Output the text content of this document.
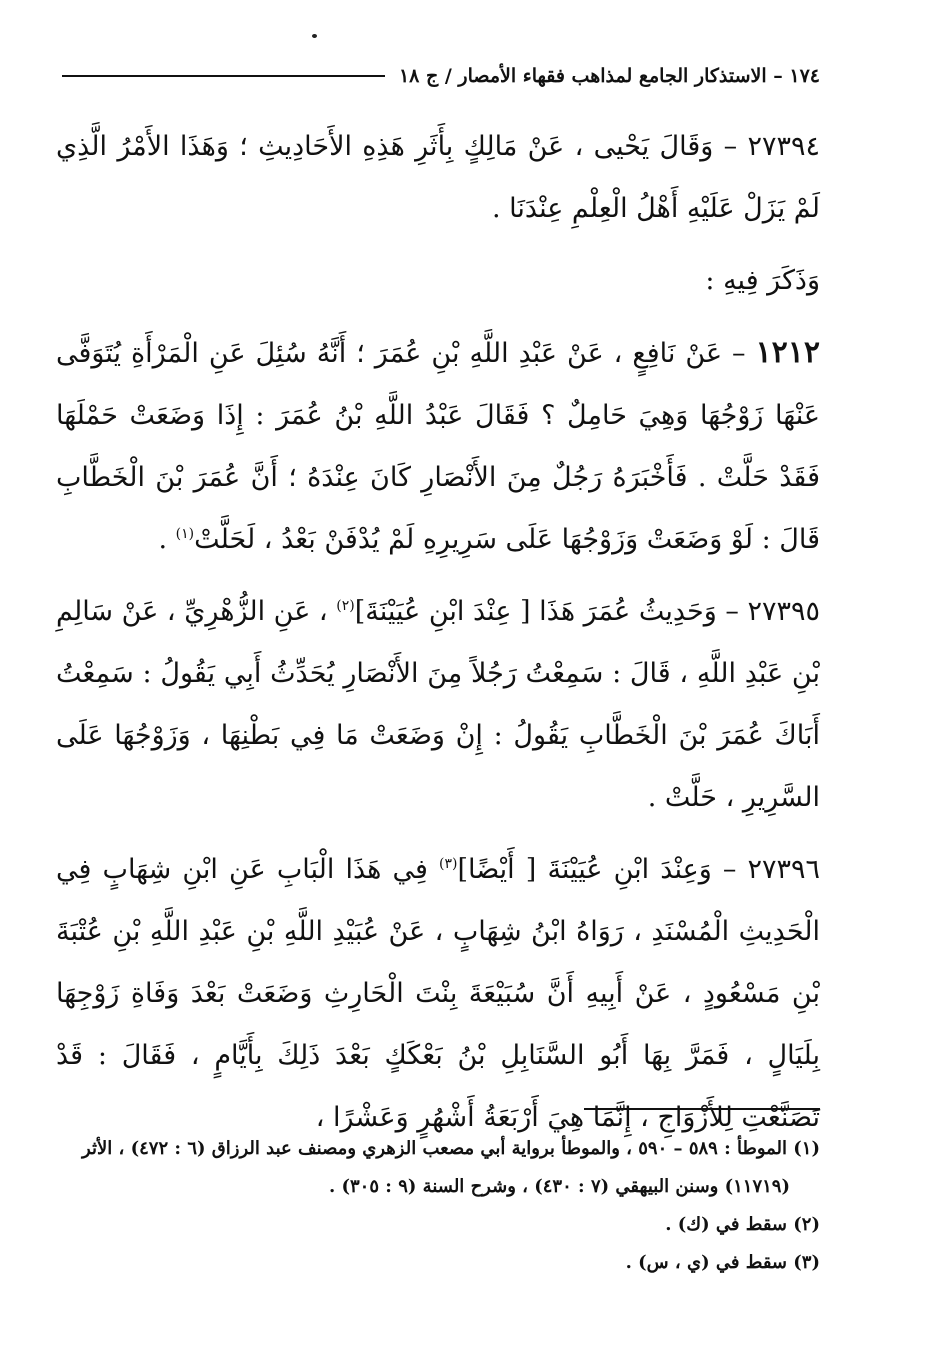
١٧٤ – الاستذكار الجامع لمذاهب فقهاء الأمصار / ج ١٨

٢٧٣٩٤ – وَقَالَ يَحْيى ، عَنْ مَالِكٍ بِأَثَرِ هَذِهِ الأَحَادِيثِ ؛ وَهَذَا الأَمْرُ الَّذِي لَمْ يَزَلْ عَلَيْهِ أَهْلُ الْعِلْمِ عِنْدَنَا .

وَذَكَرَ فِيهِ :

١٢١٢ – عَنْ نَافِعٍ ، عَنْ عَبْدِ اللَّهِ بْنِ عُمَرَ ؛ أَنَّهُ سُئِلَ عَنِ الْمَرْأَةِ يُتَوَفَّى عَنْهَا زَوْجُهَا وَهِيَ حَامِلٌ ؟ فَقَالَ عَبْدُ اللَّهِ بْنُ عُمَرَ : إِذَا وَضَعَتْ حَمْلَهَا فَقَدْ حَلَّتْ . فَأَخْبَرَهُ رَجُلٌ مِنَ الأَنْصَارِ كَانَ عِنْدَهُ ؛ أَنَّ عُمَرَ بْنَ الْخَطَّابِ قَالَ : لَوْ وَضَعَتْ وَزَوْجُهَا عَلَى سَرِيرِهِ لَمْ يُدْفَنْ بَعْدُ ، لَحَلَّتْ$^{(١)}$ .

٢٧٣٩٥ – وَحَدِيثُ عُمَرَ هَذَا [ عِنْدَ ابْنِ عُيَيْنَةَ]$^{(٢)}$ ، عَنِ الزُّهْرِيِّ ، عَنْ سَالِمِ بْنِ عَبْدِ اللَّهِ ، قَالَ : سَمِعْتُ رَجُلاً مِنَ الأَنْصَارِ يُحَدِّثُ أَبِي يَقُولُ : سَمِعْتُ أَبَاكَ عُمَرَ بْنَ الْخَطَّابِ يَقُولُ : إِنْ وَضَعَتْ مَا فِي بَطْنِهَا ، وَزَوْجُهَا عَلَى السَّرِيرِ ، حَلَّتْ .

٢٧٣٩٦ – وَعِنْدَ ابْنِ عُيَيْنَةَ [ أَيْضًا]$^{(٣)}$ فِي هَذَا الْبَابِ عَنِ ابْنِ شِهَابٍ فِي الْحَدِيثِ الْمُسْنَدِ ، رَوَاهُ ابْنُ شِهَابٍ ، عَنْ عُبَيْدِ اللَّهِ بْنِ عَبْدِ اللَّهِ بْنِ عُتْبَةَ بْنِ مَسْعُودٍ ، عَنْ أَبِيهِ أَنَّ سُبَيْعَةَ بِنْتَ الْحَارِثِ وَضَعَتْ بَعْدَ وَفَاةِ زَوْجِهَا بِلَيَالٍ ، فَمَرَّ بِهَا أَبُو السَّنَابِلِ بْنُ بَعْكَكٍ بَعْدَ ذَلِكَ بِأَيَّامٍ ، فَقَالَ : قَدْ تَصَنَّعْتِ لِلأَزْوَاجِ ، إِنَّمَا هِيَ أَرْبَعَةُ أَشْهُرٍ وَعَشْرًا ،

(١) الموطأ : ٥٨٩ – ٥٩٠ ، والموطأ برواية أبي مصعب الزهري ومصنف عبد الرزاق (٦ : ٤٧٢) ، الأثر

(١١٧١٩) وسنن البيهقي (٧ : ٤٣٠) ، وشرح السنة (٩ : ٣٠٥) .

(٢) سقط في (ك) .

(٣) سقط في (ي ، س) .
